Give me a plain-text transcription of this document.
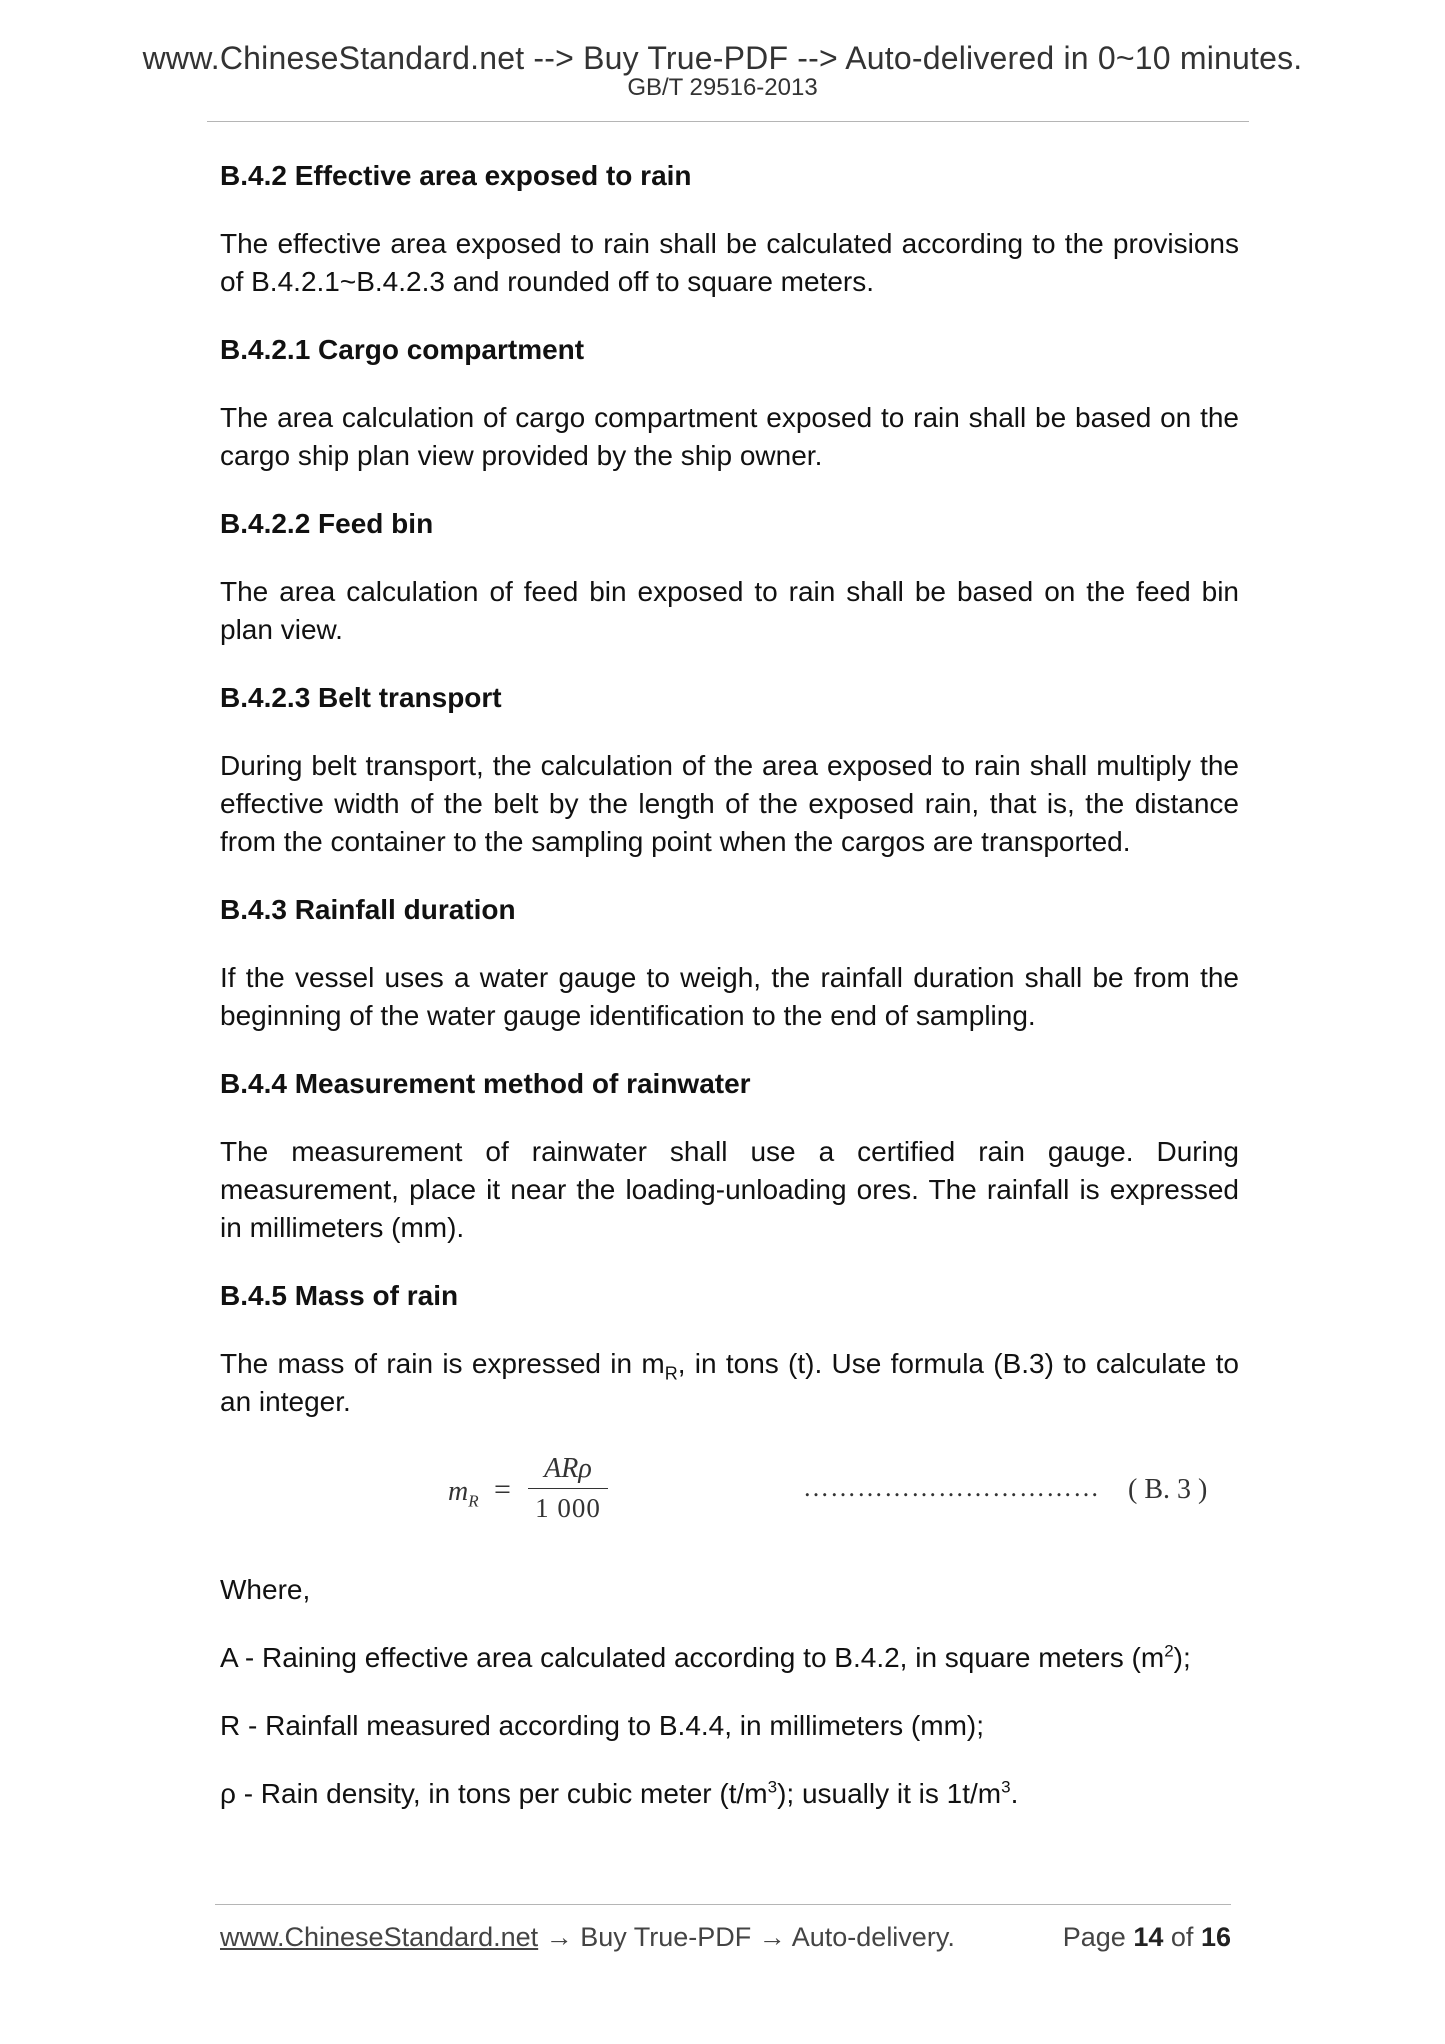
www.ChineseStandard.net --> Buy True-PDF --> Auto-delivered in 0~10 minutes.
GB/T 29516-2013
B.4.2 Effective area exposed to rain
The effective area exposed to rain shall be calculated according to the provisions of B.4.2.1~B.4.2.3 and rounded off to square meters.
B.4.2.1 Cargo compartment
The area calculation of cargo compartment exposed to rain shall be based on the cargo ship plan view provided by the ship owner.
B.4.2.2 Feed bin
The area calculation of feed bin exposed to rain shall be based on the feed bin plan view.
B.4.2.3 Belt transport
During belt transport, the calculation of the area exposed to rain shall multiply the effective width of the belt by the length of the exposed rain, that is, the distance from the container to the sampling point when the cargos are transported.
B.4.3 Rainfall duration
If the vessel uses a water gauge to weigh, the rainfall duration shall be from the beginning of the water gauge identification to the end of sampling.
B.4.4 Measurement method of rainwater
The measurement of rainwater shall use a certified rain gauge. During measurement, place it near the loading-unloading ores. The rainfall is expressed in millimeters (mm).
B.4.5 Mass of rain
The mass of rain is expressed in $m_R$, in tons (t). Use formula (B.3) to calculate to an integer.
$m_R$ =
ARρ
1 000
…………………………… ( B. 3 )
Where,
A - Raining effective area calculated according to B.4.2, in square meters $(m^2)$;
R - Rainfall measured according to B.4.4, in millimeters (mm);
ρ - Rain density, in tons per cubic meter $(t/m^3)$; usually it is $1t/m^3$.
www.ChineseStandard.net → Buy True-PDF → Auto-delivery.	Page 14 of 16
